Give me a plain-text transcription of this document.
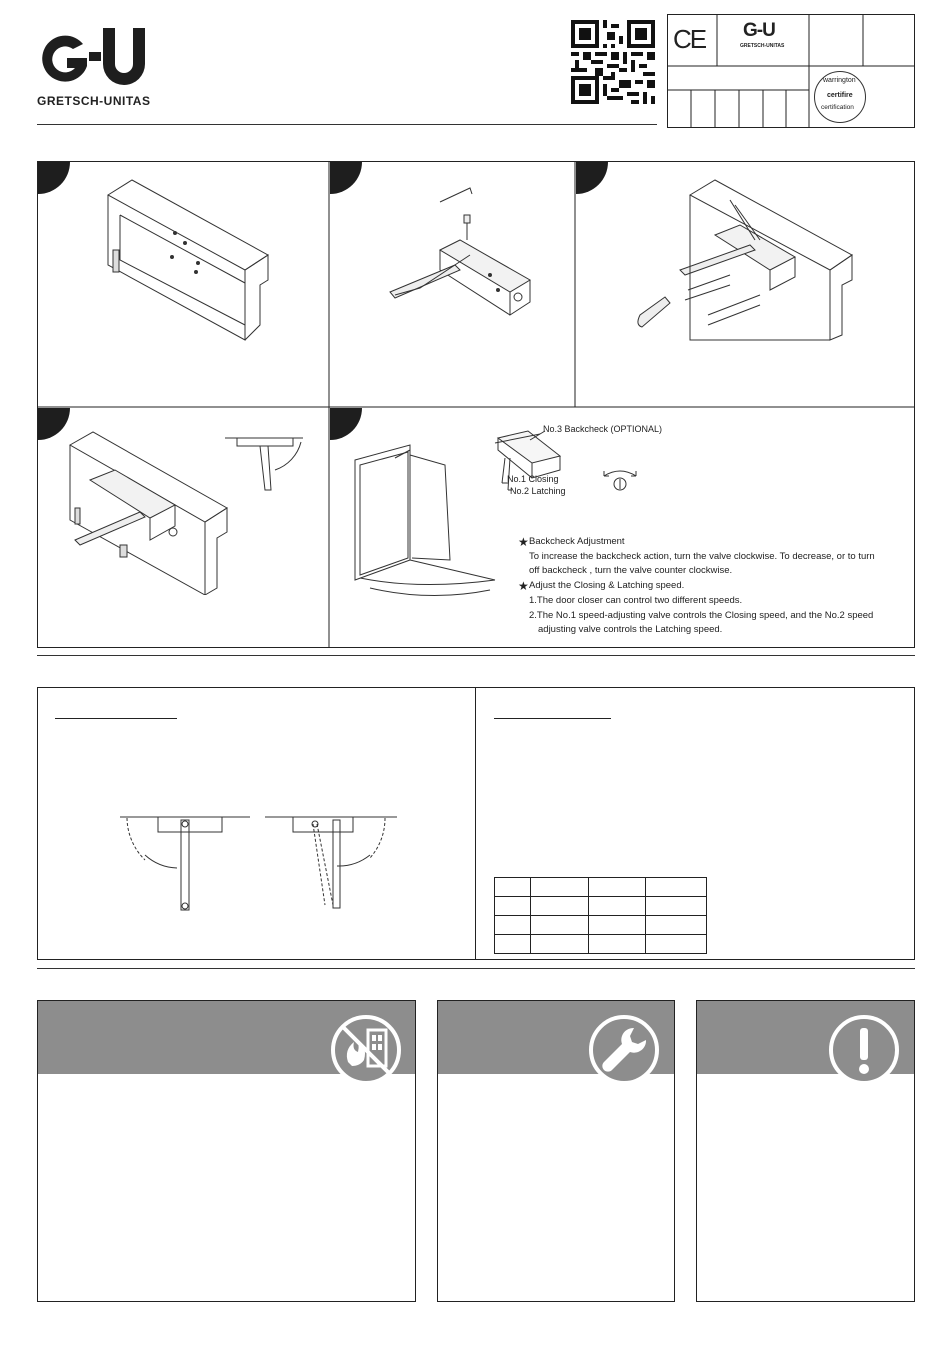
GRETSCH-UNITAS
CE G-U
GRETSCH-UNITAS
warrington
certifire
certification
No.3 Backcheck (OPTIONAL)
No.1 Closing
No.2 Latching
★ Backcheck Adjustment
To increase the backcheck action, turn the valve clockwise. To decrease, or to turn
off backcheck , turn the valve counter clockwise.
★ Adjust the Closing & Latching speed.
1.The door closer can control two different speeds.
2.The No.1 speed-adjusting valve controls the Closing speed, and the No.2 speed
adjusting valve controls the Latching speed.
